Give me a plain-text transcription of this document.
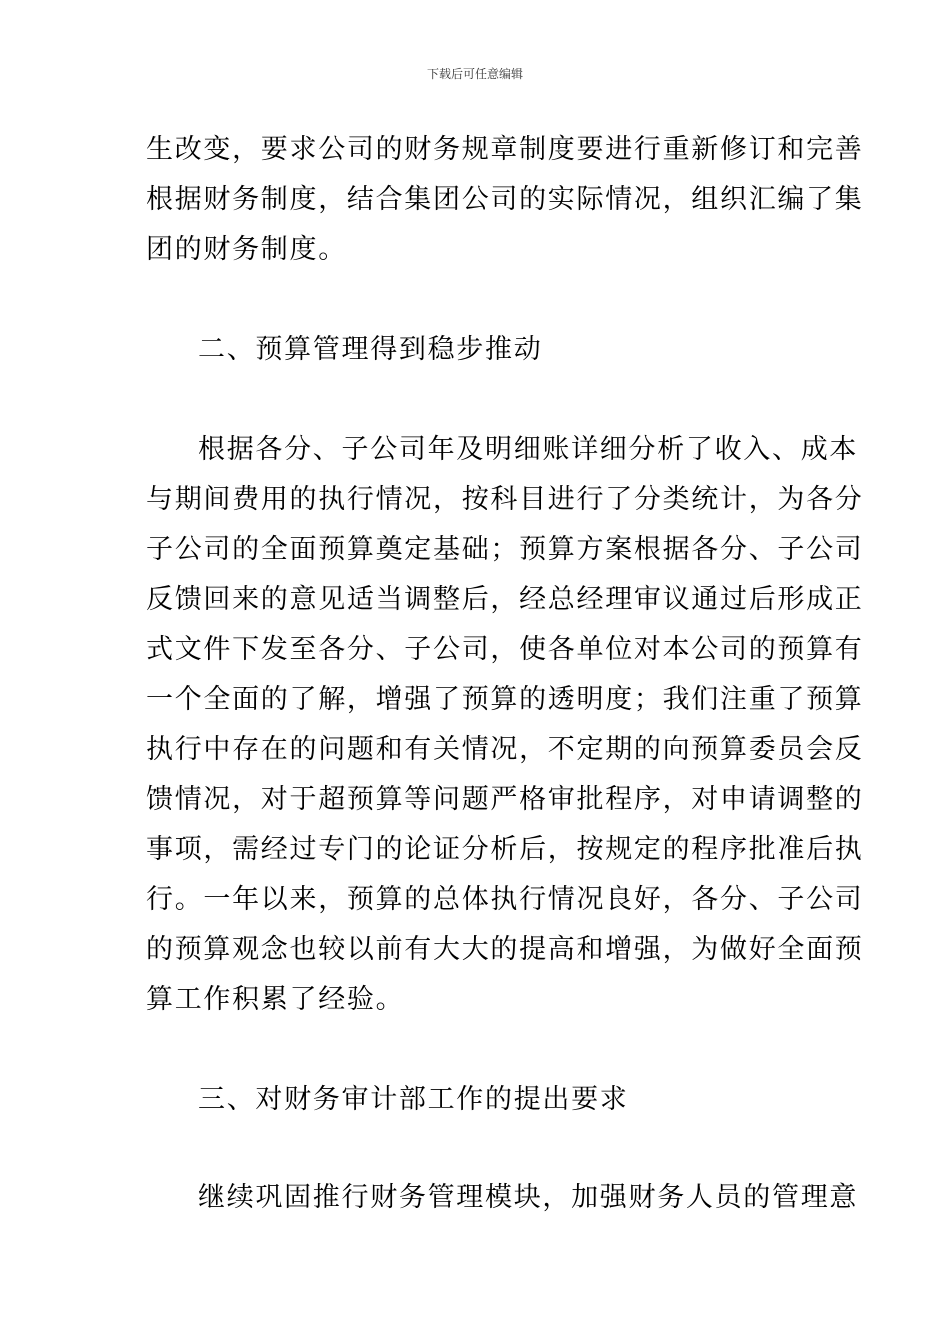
下载后可任意编辑
生改变，要求公司的财务规章制度要进行重新修订和完善
根据财务制度，结合集团公司的实际情况，组织汇编了集
团的财务制度。
二、预算管理得到稳步推动
根据各分、子公司年及明细账详细分析了收入、成本
与期间费用的执行情况，按科目进行了分类统计，为各分
子公司的全面预算奠定基础；预算方案根据各分、子公司
反馈回来的意见适当调整后，经总经理审议通过后形成正
式文件下发至各分、子公司，使各单位对本公司的预算有
一个全面的了解，增强了预算的透明度；我们注重了预算
执行中存在的问题和有关情况，不定期的向预算委员会反
馈情况，对于超预算等问题严格审批程序，对申请调整的
事项，需经过专门的论证分析后，按规定的程序批准后执
行。一年以来，预算的总体执行情况良好，各分、子公司
的预算观念也较以前有大大的提高和增强，为做好全面预
算工作积累了经验。
三、对财务审计部工作的提出要求
继续巩固推行财务管理模块，加强财务人员的管理意
